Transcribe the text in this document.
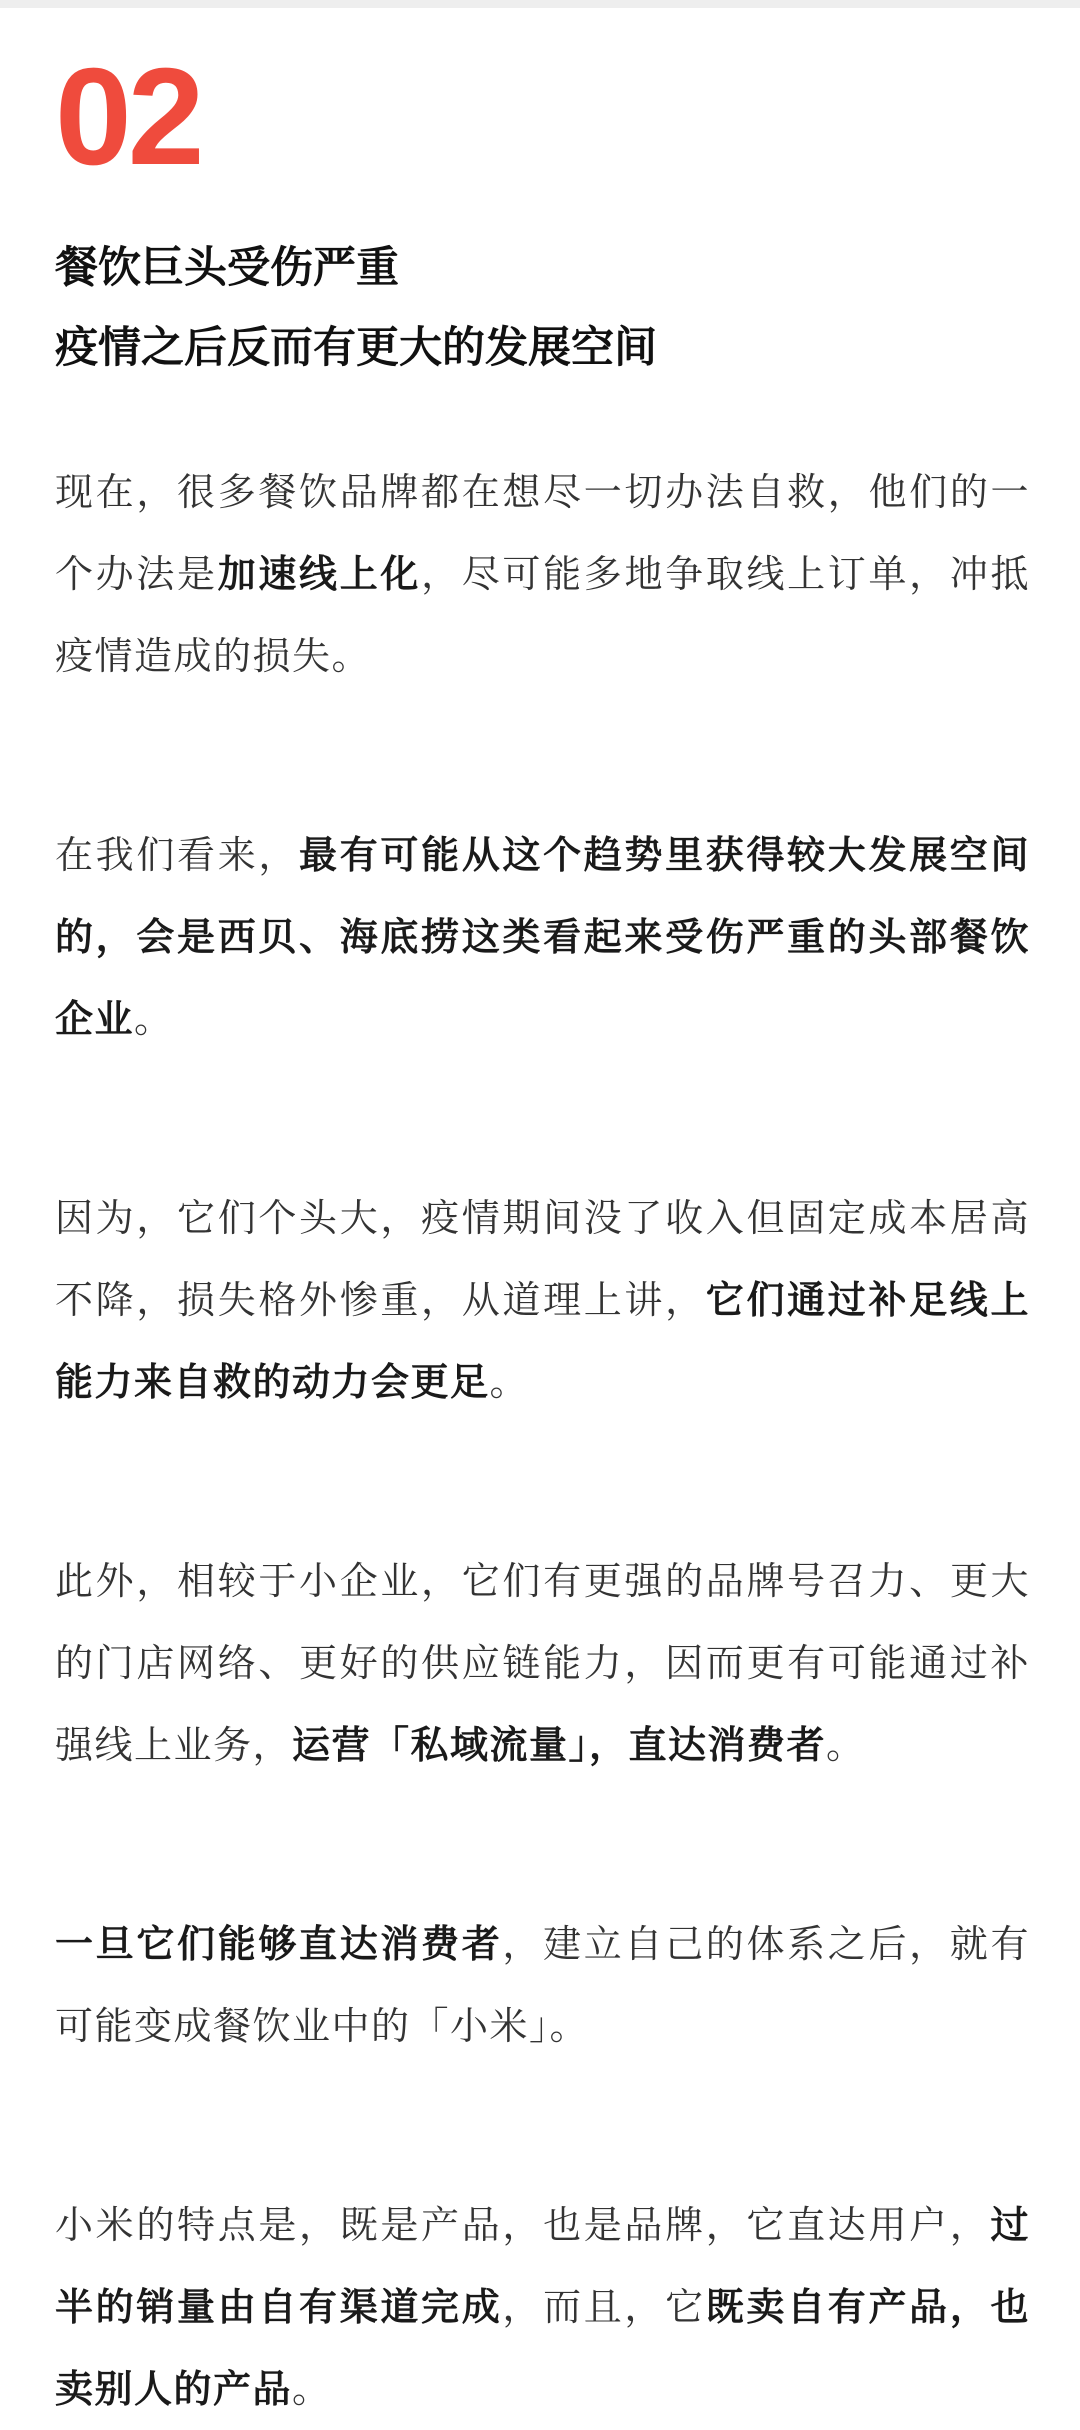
02
餐饮巨头受伤严重
疫情之后反而有更大的发展空间

现在，很多餐饮品牌都在想尽一切办法自救，他们的一个办法是加速线上化，尽可能多地争取线上订单，冲抵疫情造成的损失。

在我们看来，最有可能从这个趋势里获得较大发展空间的，会是西贝、海底捞这类看起来受伤严重的头部餐饮企业。

因为，它们个头大，疫情期间没了收入但固定成本居高不降，损失格外惨重，从道理上讲，它们通过补足线上能力来自救的动力会更足。

此外，相较于小企业，它们有更强的品牌号召力、更大的门店网络、更好的供应链能力，因而更有可能通过补强线上业务，运营「私域流量」，直达消费者。

一旦它们能够直达消费者，建立自己的体系之后，就有可能变成餐饮业中的「小米」。

小米的特点是，既是产品，也是品牌，它直达用户，过半的销量由自有渠道完成，而且，它既卖自有产品，也卖别人的产品。
